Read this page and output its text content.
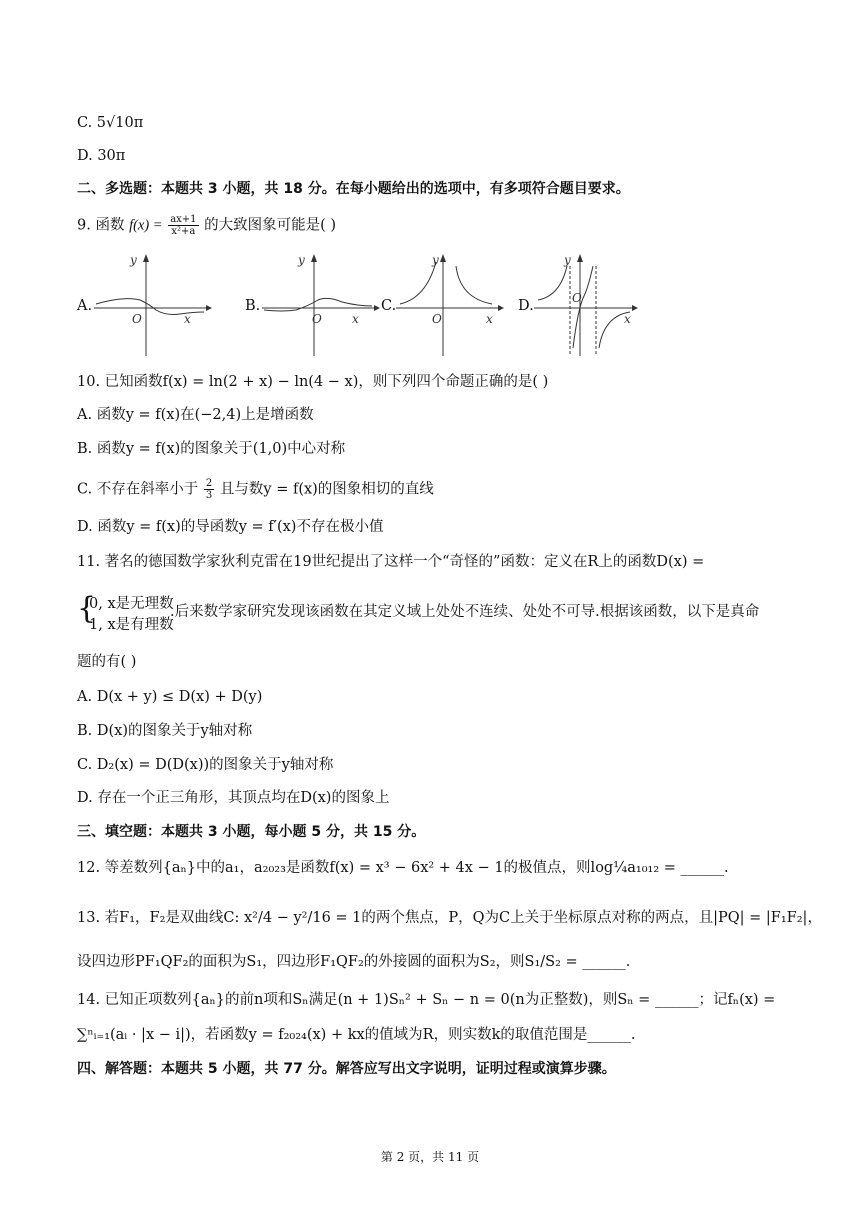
C. 5√10π
D. 30π
二、多选题：本题共 3 小题，共 18 分。在每小题给出的选项中，有多项符合题目要求。
9. 函数 $f(x) = \frac{ax+1}{\text{x²+a}}$ 的大致图象可能是( )
A.
y
O	x
B.
y
O	x
C.
y
O	x
D.
y
O
x
10. 已知函数f(x) = ln(2 + x) − ln(4 − x)，则下列四个命题正确的是( )
A. 函数y = f(x)在(−2,4)上是增函数
B. 函数y = f(x)的图象关于(1,0)中心对称
C. 不存在斜率小于 $\frac{2}{3}$ 且与数y = f(x)的图象相切的直线
D. 函数y = f(x)的导函数y = f′(x)不存在极小值
11. 著名的德国数学家狄利克雷在19世纪提出了这样一个“奇怪的”函数：定义在R上的函数D(x) =
{
0, x是无理数
1, x是有理数
.后来数学家研究发现该函数在其定义域上处处不连续、处处不可导.根据该函数，以下是真命
题的有( )
A. D(x + y) ≤ D(x) + D(y)
B. D(x)的图象关于y轴对称
C. D₂(x) = D(D(x))的图象关于y轴对称
D. 存在一个正三角形，其顶点均在D(x)的图象上
三、填空题：本题共 3 小题，每小题 5 分，共 15 分。
12. 等差数列{aₙ}中的a₁，a₂₀₂₃是函数f(x) = x³ − 6x² + 4x − 1的极值点，则log¼a₁₀₁₂ = ______.
13. 若F₁，F₂是双曲线C: x²/4 − y²/16 = 1的两个焦点，P，Q为C上关于坐标原点对称的两点，且|PQ| = |F₁F₂|，
设四边形PF₁QF₂的面积为S₁，四边形F₁QF₂的外接圆的面积为S₂，则S₁/S₂ = ______.
14. 已知正项数列{aₙ}的前n项和Sₙ满足(n + 1)Sₙ² + Sₙ − n = 0(n为正整数)，则Sₙ = ______；记fₙ(x) =
∑ⁿᵢ₌₁(aᵢ · |x − i|)，若函数y = f₂₀₂₄(x) + kx的值域为R，则实数k的取值范围是______.
四、解答题：本题共 5 小题，共 77 分。解答应写出文字说明，证明过程或演算步骤。
第 2 页，共 11 页
